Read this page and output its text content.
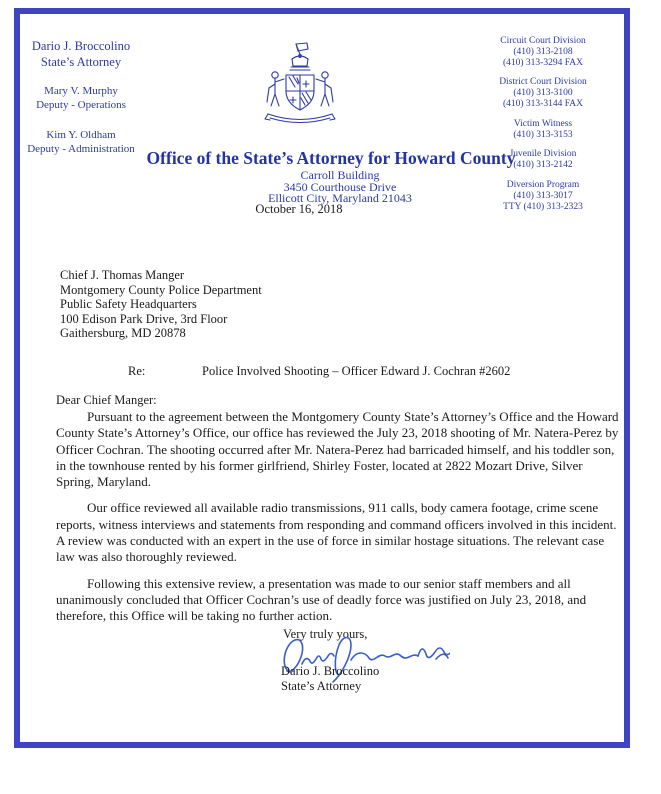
Dario J. Broccolino
State’s Attorney
Mary V. Murphy
Deputy - Operations
Kim Y. Oldham
Deputy - Administration
Circuit Court Division
(410) 313-2108
(410) 313-3294 FAX
District Court Division
(410) 313-3100
(410) 313-3144 FAX
Victim Witness
(410) 313-3153
Juvenile Division
(410) 313-2142
Diversion Program
(410) 313-3017
TTY (410) 313-2323
Office of the State’s Attorney for Howard County
Carroll Building
3450 Courthouse Drive
Ellicott City, Maryland 21043
October 16, 2018
Chief J. Thomas Manger
Montgomery County Police Department
Public Safety Headquarters
100 Edison Park Drive, 3rd Floor
Gaithersburg, MD 20878
Re:	Police Involved Shooting – Officer Edward J. Cochran #2602
Dear Chief Manger:

Pursuant to the agreement between the Montgomery County State’s Attorney’s Office and the Howard County State’s Attorney’s Office, our office has reviewed the July 23, 2018 shooting of Mr. Natera-Perez by Officer Cochran. The shooting occurred after Mr. Natera-Perez had barricaded himself, and his toddler son, in the townhouse rented by his former girlfriend, Shirley Foster, located at 2822 Mozart Drive, Silver Spring, Maryland.

Our office reviewed all available radio transmissions, 911 calls, body camera footage, crime scene reports, witness interviews and statements from responding and command officers involved in this incident. A review was conducted with an expert in the use of force in similar hostage situations. The relevant case law was also thoroughly reviewed.

Following this extensive review, a presentation was made to our senior staff members and all unanimously concluded that Officer Cochran’s use of deadly force was justified on July 23, 2018, and therefore, this Office will be taking no further action.

Very truly yours,
Dario J. Broccolino
State’s Attorney
